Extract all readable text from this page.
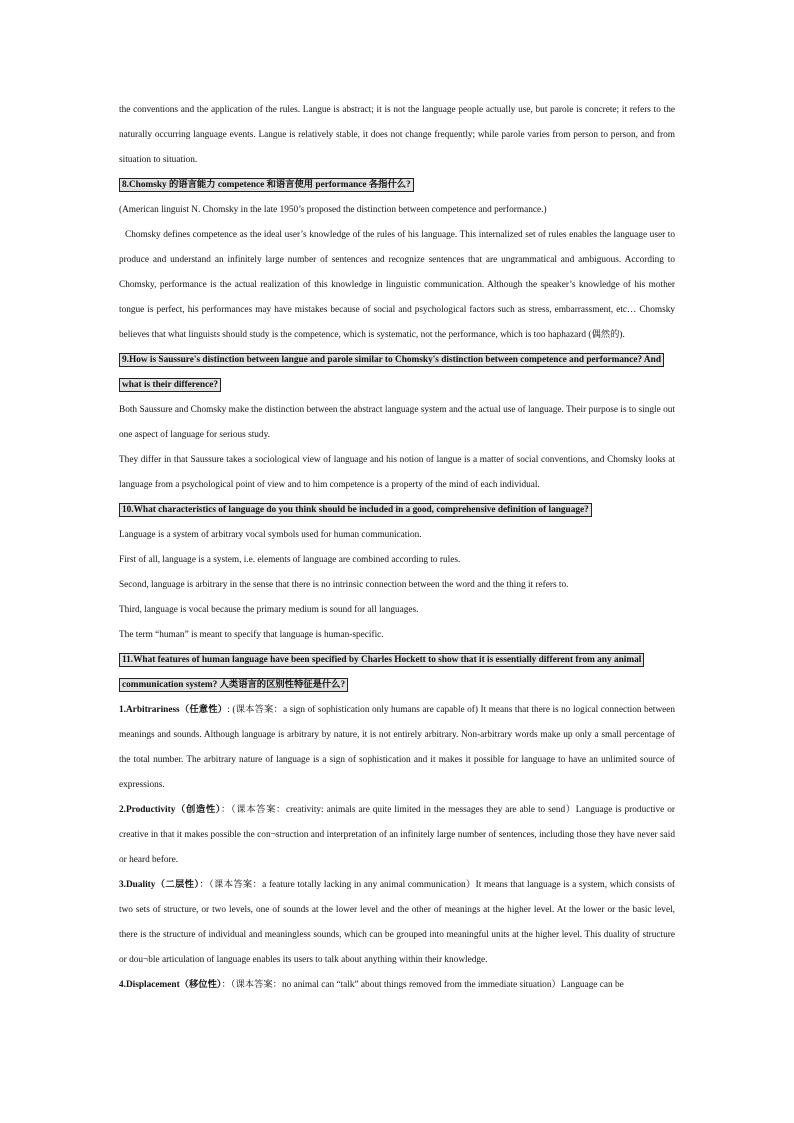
the conventions and the application of the rules. Langue is abstract; it is not the language people actually use, but parole is concrete; it refers to the naturally occurring language events. Langue is relatively stable, it does not change frequently; while parole varies from person to person, and from situation to situation.

8.Chomsky 的语言能力 competence 和语言使用 performance 各指什么?

(American linguist N. Chomsky in the late 1950’s proposed the distinction between competence and performance.)

Chomsky defines competence as the ideal user’s knowledge of the rules of his language. This internalized set of rules enables the language user to produce and understand an infinitely large number of sentences and recognize sentences that are ungrammatical and ambiguous. According to Chomsky, performance is the actual realization of this knowledge in linguistic communication. Although the speaker’s knowledge of his mother tongue is perfect, his performances may have mistakes because of social and psychological factors such as stress, embarrassment, etc… Chomsky believes that what linguists should study is the competence, which is systematic, not the performance, which is too haphazard (偶然的).

9.How is Saussure's distinction between langue and parole similar to Chomsky's distinction between competence and performance? And what is their difference?

Both Saussure and Chomsky make the distinction between the abstract language system and the actual use of language. Their purpose is to single out one aspect of language for serious study.

They differ in that Saussure takes a sociological view of language and his notion of langue is a matter of social conventions, and Chomsky looks at language from a psychological point of view and to him competence is a property of the mind of each individual.

10.What characteristics of language do you think should be included in a good, comprehensive definition of language?

Language is a system of arbitrary vocal symbols used for human communication.

First of all, language is a system, i.e. elements of language are combined according to rules.

Second, language is arbitrary in the sense that there is no intrinsic connection between the word and the thing it refers to.

Third, language is vocal because the primary medium is sound for all languages.

The term “human” is meant to specify that language is human-specific.

11.What features of human language have been specified by Charles Hockett to show that it is essentially different from any animal communication system? 人类语言的区别性特征是什么?

1.Arbitrariness（任意性）: (课本答案：a sign of sophistication only humans are capable of) It means that there is no logical connection between meanings and sounds. Although language is arbitrary by nature, it is not entirely arbitrary. Non-arbitrary words make up only a small percentage of the total number. The arbitrary nature of language is a sign of sophistication and it makes it possible for language to have an unlimited source of expressions.

2.Productivity（创造性）：（课本答案：creativity: animals are quite limited in the messages they are able to send）Language is productive or creative in that it makes possible the con¬struction and interpretation of an infinitely large number of sentences, including those they have never said or heard before.

3.Duality（二层性）：（课本答案：a feature totally lacking in any animal communication）It means that language is a system, which consists of two sets of structure, or two levels, one of sounds at the lower level and the other of meanings at the higher level. At the lower or the basic level, there is the structure of individual and meaningless sounds, which can be grouped into meaningful units at the higher level. This duality of structure or dou¬ble articulation of language enables its users to talk about anything within their knowledge.

4.Displacement（移位性）：（课本答案：no animal can “talk” about things removed from the immediate situation）Language can be
